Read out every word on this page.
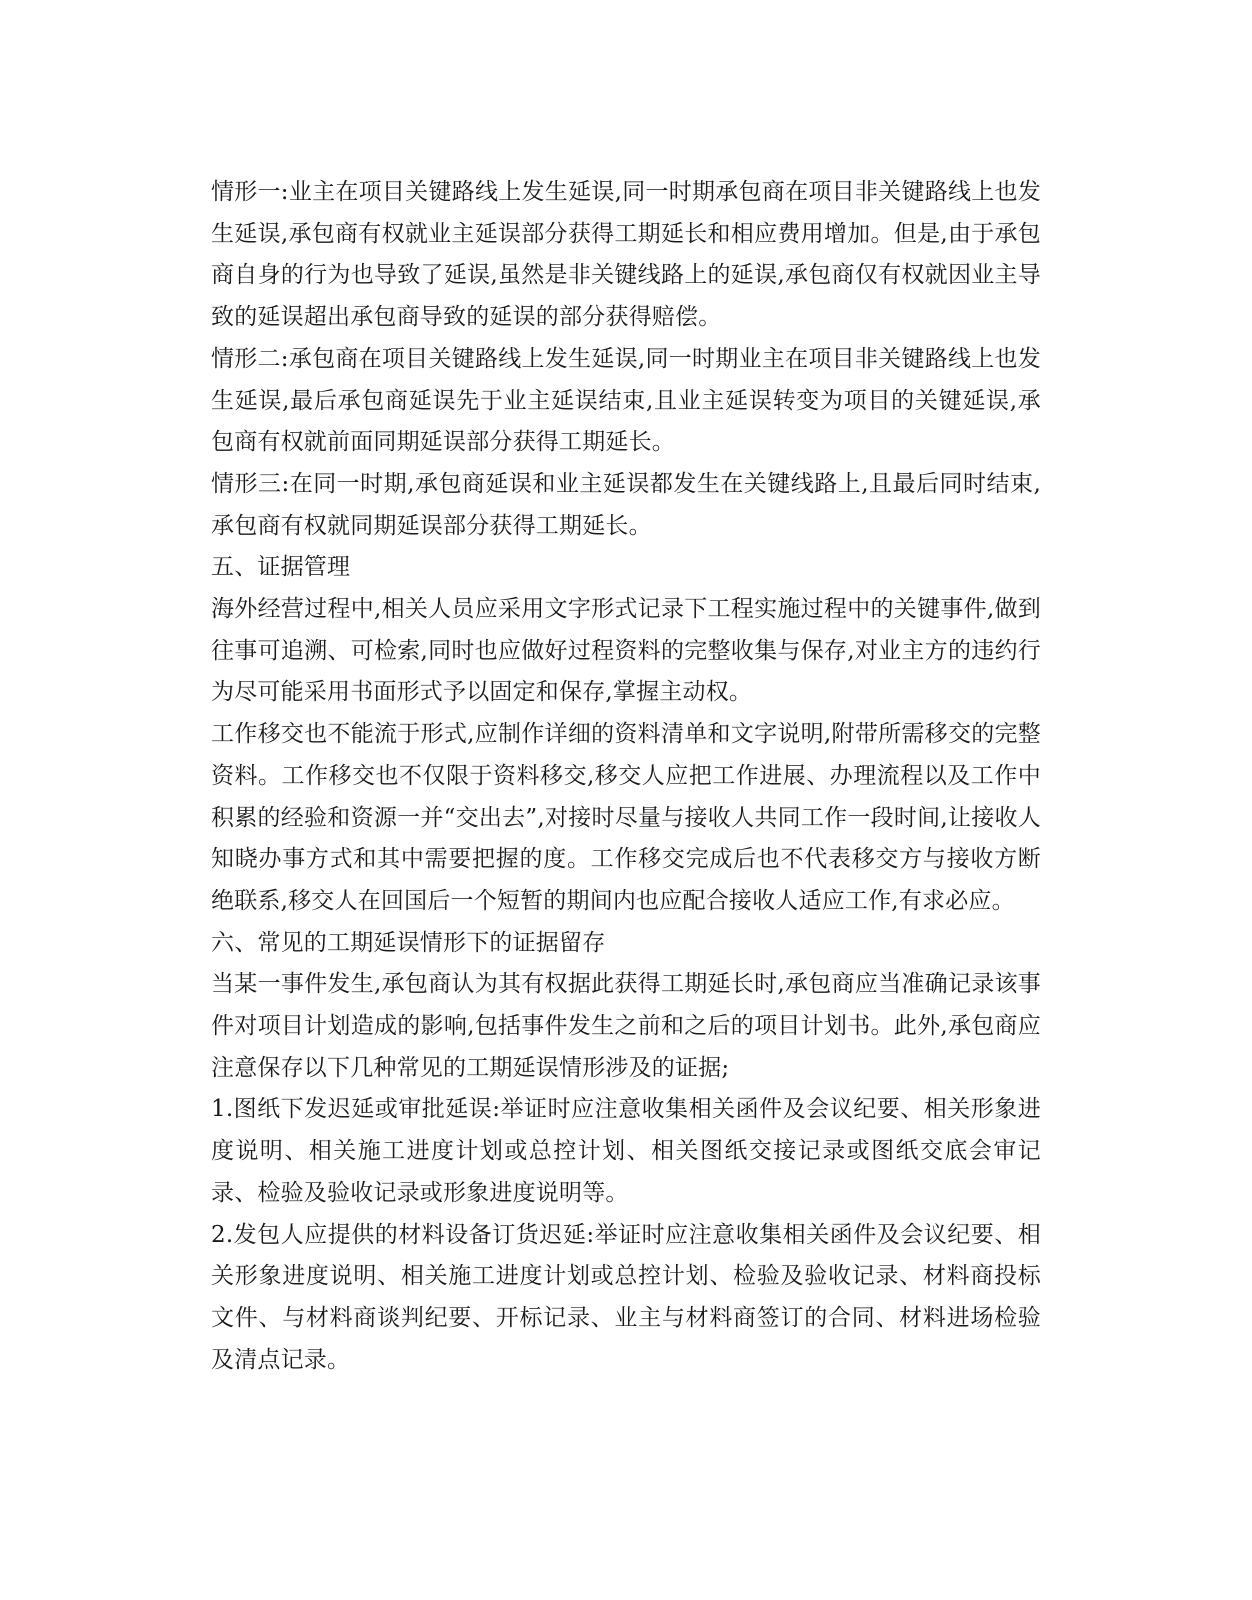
情形一:业主在项目关键路线上发生延误,同一时期承包商在项目非关键路线上也发生延误,承包商有权就业主延误部分获得工期延长和相应费用增加。但是,由于承包商自身的行为也导致了延误,虽然是非关键线路上的延误,承包商仅有权就因业主导致的延误超出承包商导致的延误的部分获得赔偿。

情形二:承包商在项目关键路线上发生延误,同一时期业主在项目非关键路线上也发生延误,最后承包商延误先于业主延误结束,且业主延误转变为项目的关键延误,承包商有权就前面同期延误部分获得工期延长。

情形三:在同一时期,承包商延误和业主延误都发生在关键线路上,且最后同时结束,承包商有权就同期延误部分获得工期延长。

五、证据管理

海外经营过程中,相关人员应采用文字形式记录下工程实施过程中的关键事件,做到往事可追溯、可检索,同时也应做好过程资料的完整收集与保存,对业主方的违约行为尽可能采用书面形式予以固定和保存,掌握主动权。

工作移交也不能流于形式,应制作详细的资料清单和文字说明,附带所需移交的完整资料。工作移交也不仅限于资料移交,移交人应把工作进展、办理流程以及工作中积累的经验和资源一并“交出去”,对接时尽量与接收人共同工作一段时间,让接收人知晓办事方式和其中需要把握的度。工作移交完成后也不代表移交方与接收方断绝联系,移交人在回国后一个短暂的期间内也应配合接收人适应工作,有求必应。

六、常见的工期延误情形下的证据留存

当某一事件发生,承包商认为其有权据此获得工期延长时,承包商应当准确记录该事件对项目计划造成的影响,包括事件发生之前和之后的项目计划书。此外,承包商应注意保存以下几种常见的工期延误情形涉及的证据;

1.图纸下发迟延或审批延误:举证时应注意收集相关函件及会议纪要、相关形象进度说明、相关施工进度计划或总控计划、相关图纸交接记录或图纸交底会审记录、检验及验收记录或形象进度说明等。

2.发包人应提供的材料设备订货迟延:举证时应注意收集相关函件及会议纪要、相关形象进度说明、相关施工进度计划或总控计划、检验及验收记录、材料商投标文件、与材料商谈判纪要、开标记录、业主与材料商签订的合同、材料进场检验及清点记录。
